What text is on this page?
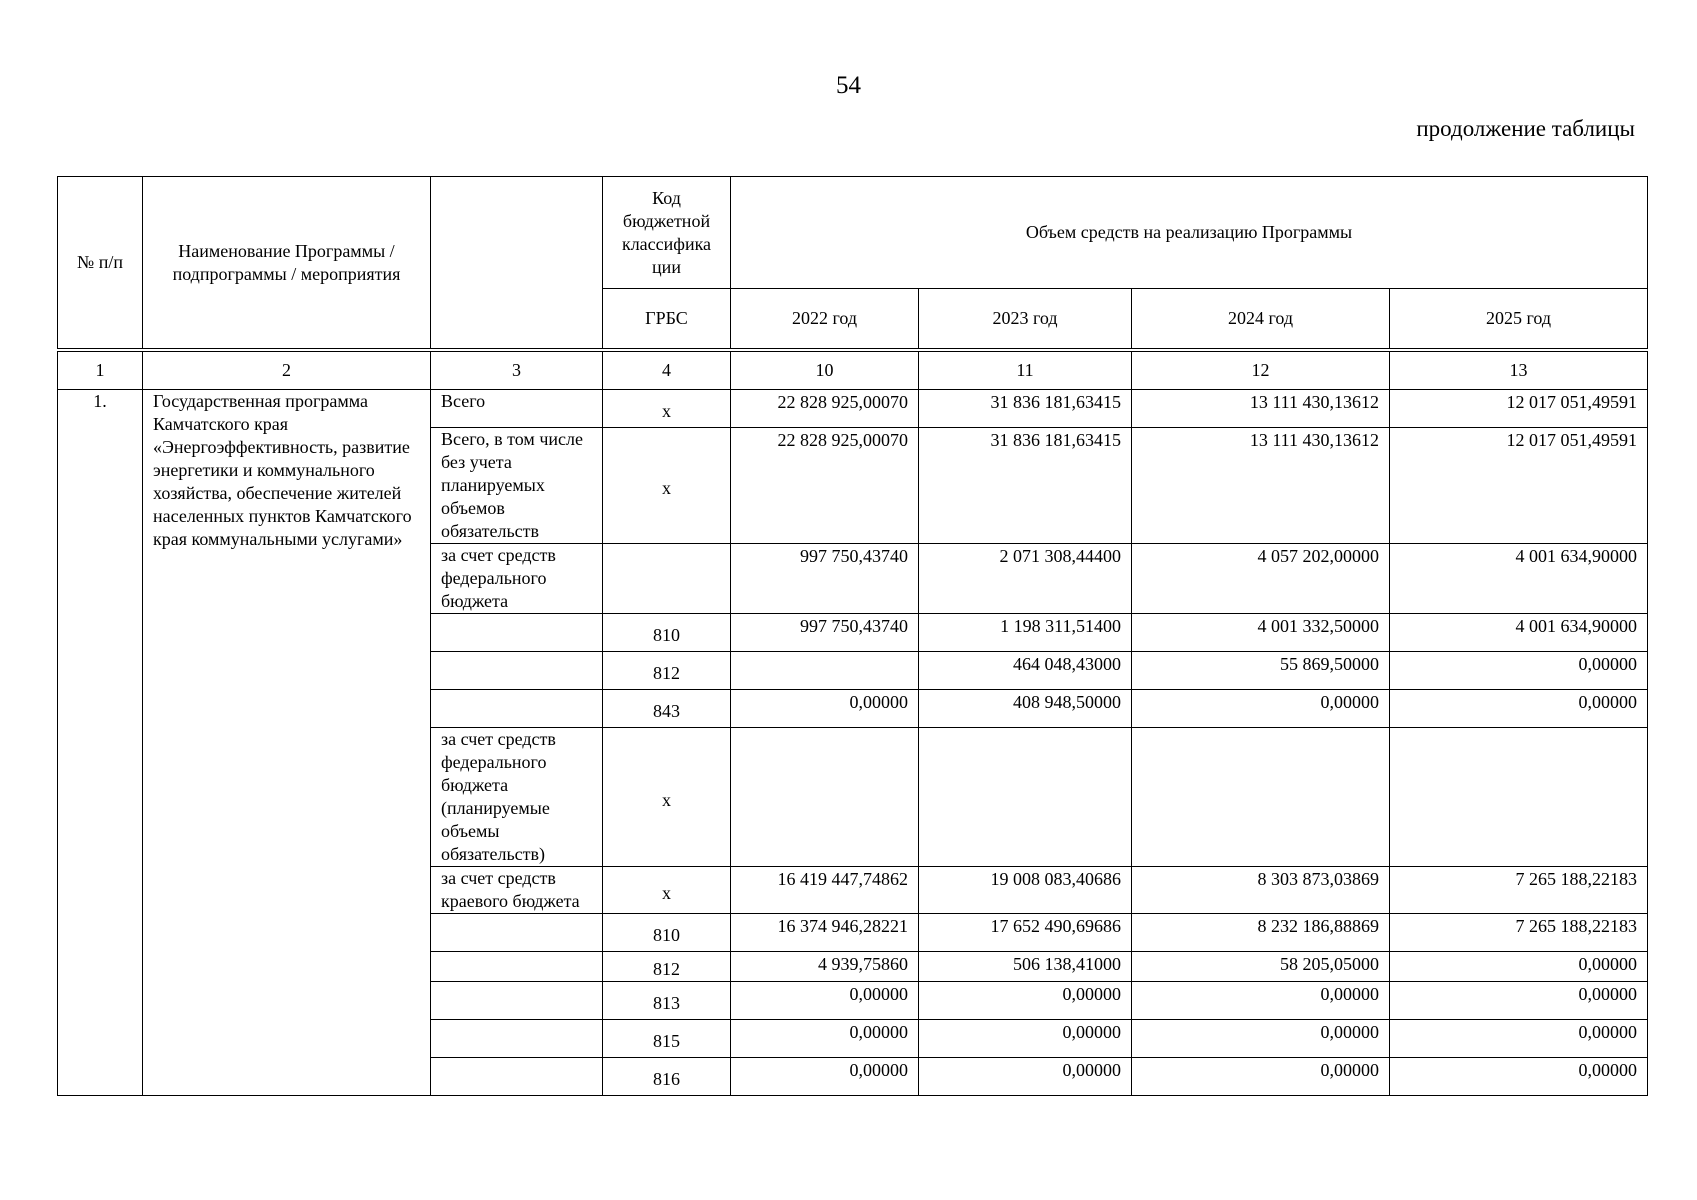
54
продолжение таблицы
№ п/п	Наименование Программы / подпрограммы / мероприятия		Код бюджетной классифика ции	Объем средств на реализацию Программы			
			ГРБС	2022 год	2023 год	2024 год	2025 год

1	2	3	4	10	11	12	13
1.	Государственная программа Камчатского края «Энергоэффективность, развитие энергетики и коммунального хозяйства, обеспечение жителей населенных пунктов Камчатского края коммунальными услугами»	Всего	х	22 828 925,00070	31 836 181,63415	13 111 430,13612	12 017 051,49591
		Всего, в том числе без учета планируемых объемов обязательств	х	22 828 925,00070	31 836 181,63415	13 111 430,13612	12 017 051,49591
		за счет средств федерального бюджета		997 750,43740	2 071 308,44400	4 057 202,00000	4 001 634,90000
			810	997 750,43740	1 198 311,51400	4 001 332,50000	4 001 634,90000
			812		464 048,43000	55 869,50000	0,00000
			843	0,00000	408 948,50000	0,00000	0,00000
		за счет средств федерального бюджета (планируемые объемы обязательств)	х				
		за счет средств краевого бюджета	х	16 419 447,74862	19 008 083,40686	8 303 873,03869	7 265 188,22183
			810	16 374 946,28221	17 652 490,69686	8 232 186,88869	7 265 188,22183
			812	4 939,75860	506 138,41000	58 205,05000	0,00000
			813	0,00000	0,00000	0,00000	0,00000
			815	0,00000	0,00000	0,00000	0,00000
			816	0,00000	0,00000	0,00000	0,00000
